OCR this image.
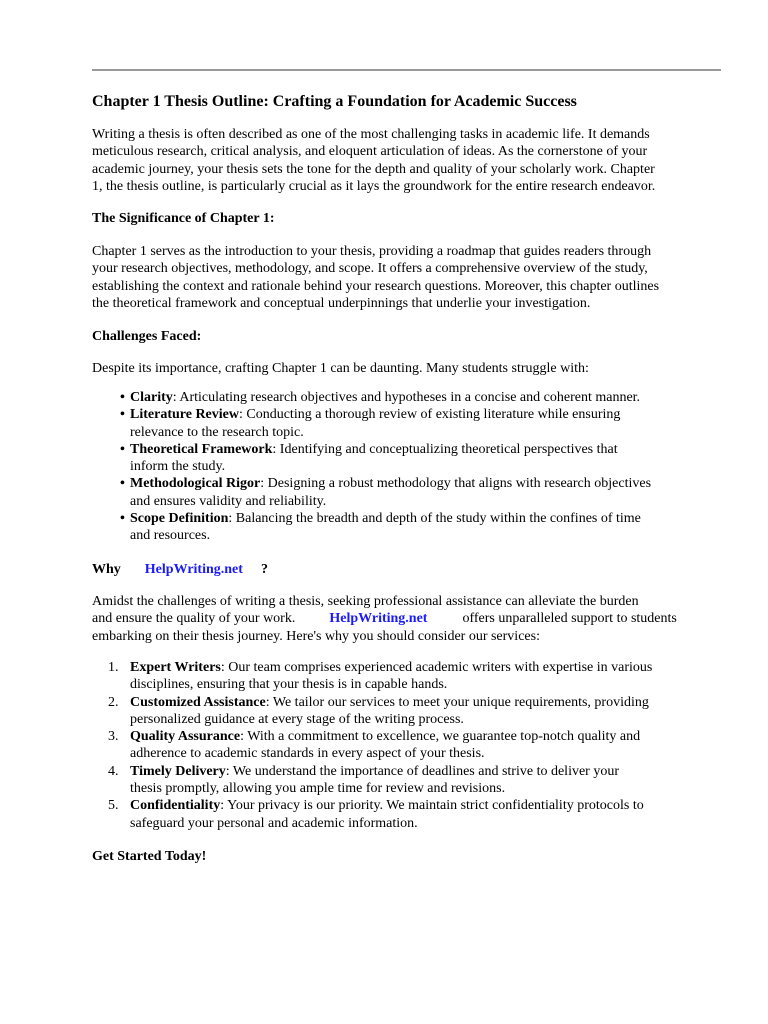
Chapter 1 Thesis Outline: Crafting a Foundation for Academic Success
Writing a thesis is often described as one of the most challenging tasks in academic life. It demands
meticulous research, critical analysis, and eloquent articulation of ideas. As the cornerstone of your
academic journey, your thesis sets the tone for the depth and quality of your scholarly work. Chapter
1, the thesis outline, is particularly crucial as it lays the groundwork for the entire research endeavor.
The Significance of Chapter 1:
Chapter 1 serves as the introduction to your thesis, providing a roadmap that guides readers through
your research objectives, methodology, and scope. It offers a comprehensive overview of the study,
establishing the context and rationale behind your research questions. Moreover, this chapter outlines
the theoretical framework and conceptual underpinnings that underlie your investigation.
Challenges Faced:
Despite its importance, crafting Chapter 1 can be daunting. Many students struggle with:
• Clarity: Articulating research objectives and hypotheses in a concise and coherent manner.
• Literature Review: Conducting a thorough review of existing literature while ensuring
relevance to the research topic.
• Theoretical Framework: Identifying and conceptualizing theoretical perspectives that
inform the study.
• Methodological Rigor: Designing a robust methodology that aligns with research objectives
and ensures validity and reliability.
• Scope Definition: Balancing the breadth and depth of the study within the confines of time
and resources.
Why HelpWriting.net ?
Amidst the challenges of writing a thesis, seeking professional assistance can alleviate the burden
and ensure the quality of your work. HelpWriting.net	offers unparalleled support to students
embarking on their thesis journey. Here's why you should consider our services:
1. Expert Writers: Our team comprises experienced academic writers with expertise in various
disciplines, ensuring that your thesis is in capable hands.
2. Customized Assistance: We tailor our services to meet your unique requirements, providing
personalized guidance at every stage of the writing process.
3. Quality Assurance: With a commitment to excellence, we guarantee top-notch quality and
adherence to academic standards in every aspect of your thesis.
4. Timely Delivery: We understand the importance of deadlines and strive to deliver your
thesis promptly, allowing you ample time for review and revisions.
5. Confidentiality: Your privacy is our priority. We maintain strict confidentiality protocols to
safeguard your personal and academic information.
Get Started Today!
